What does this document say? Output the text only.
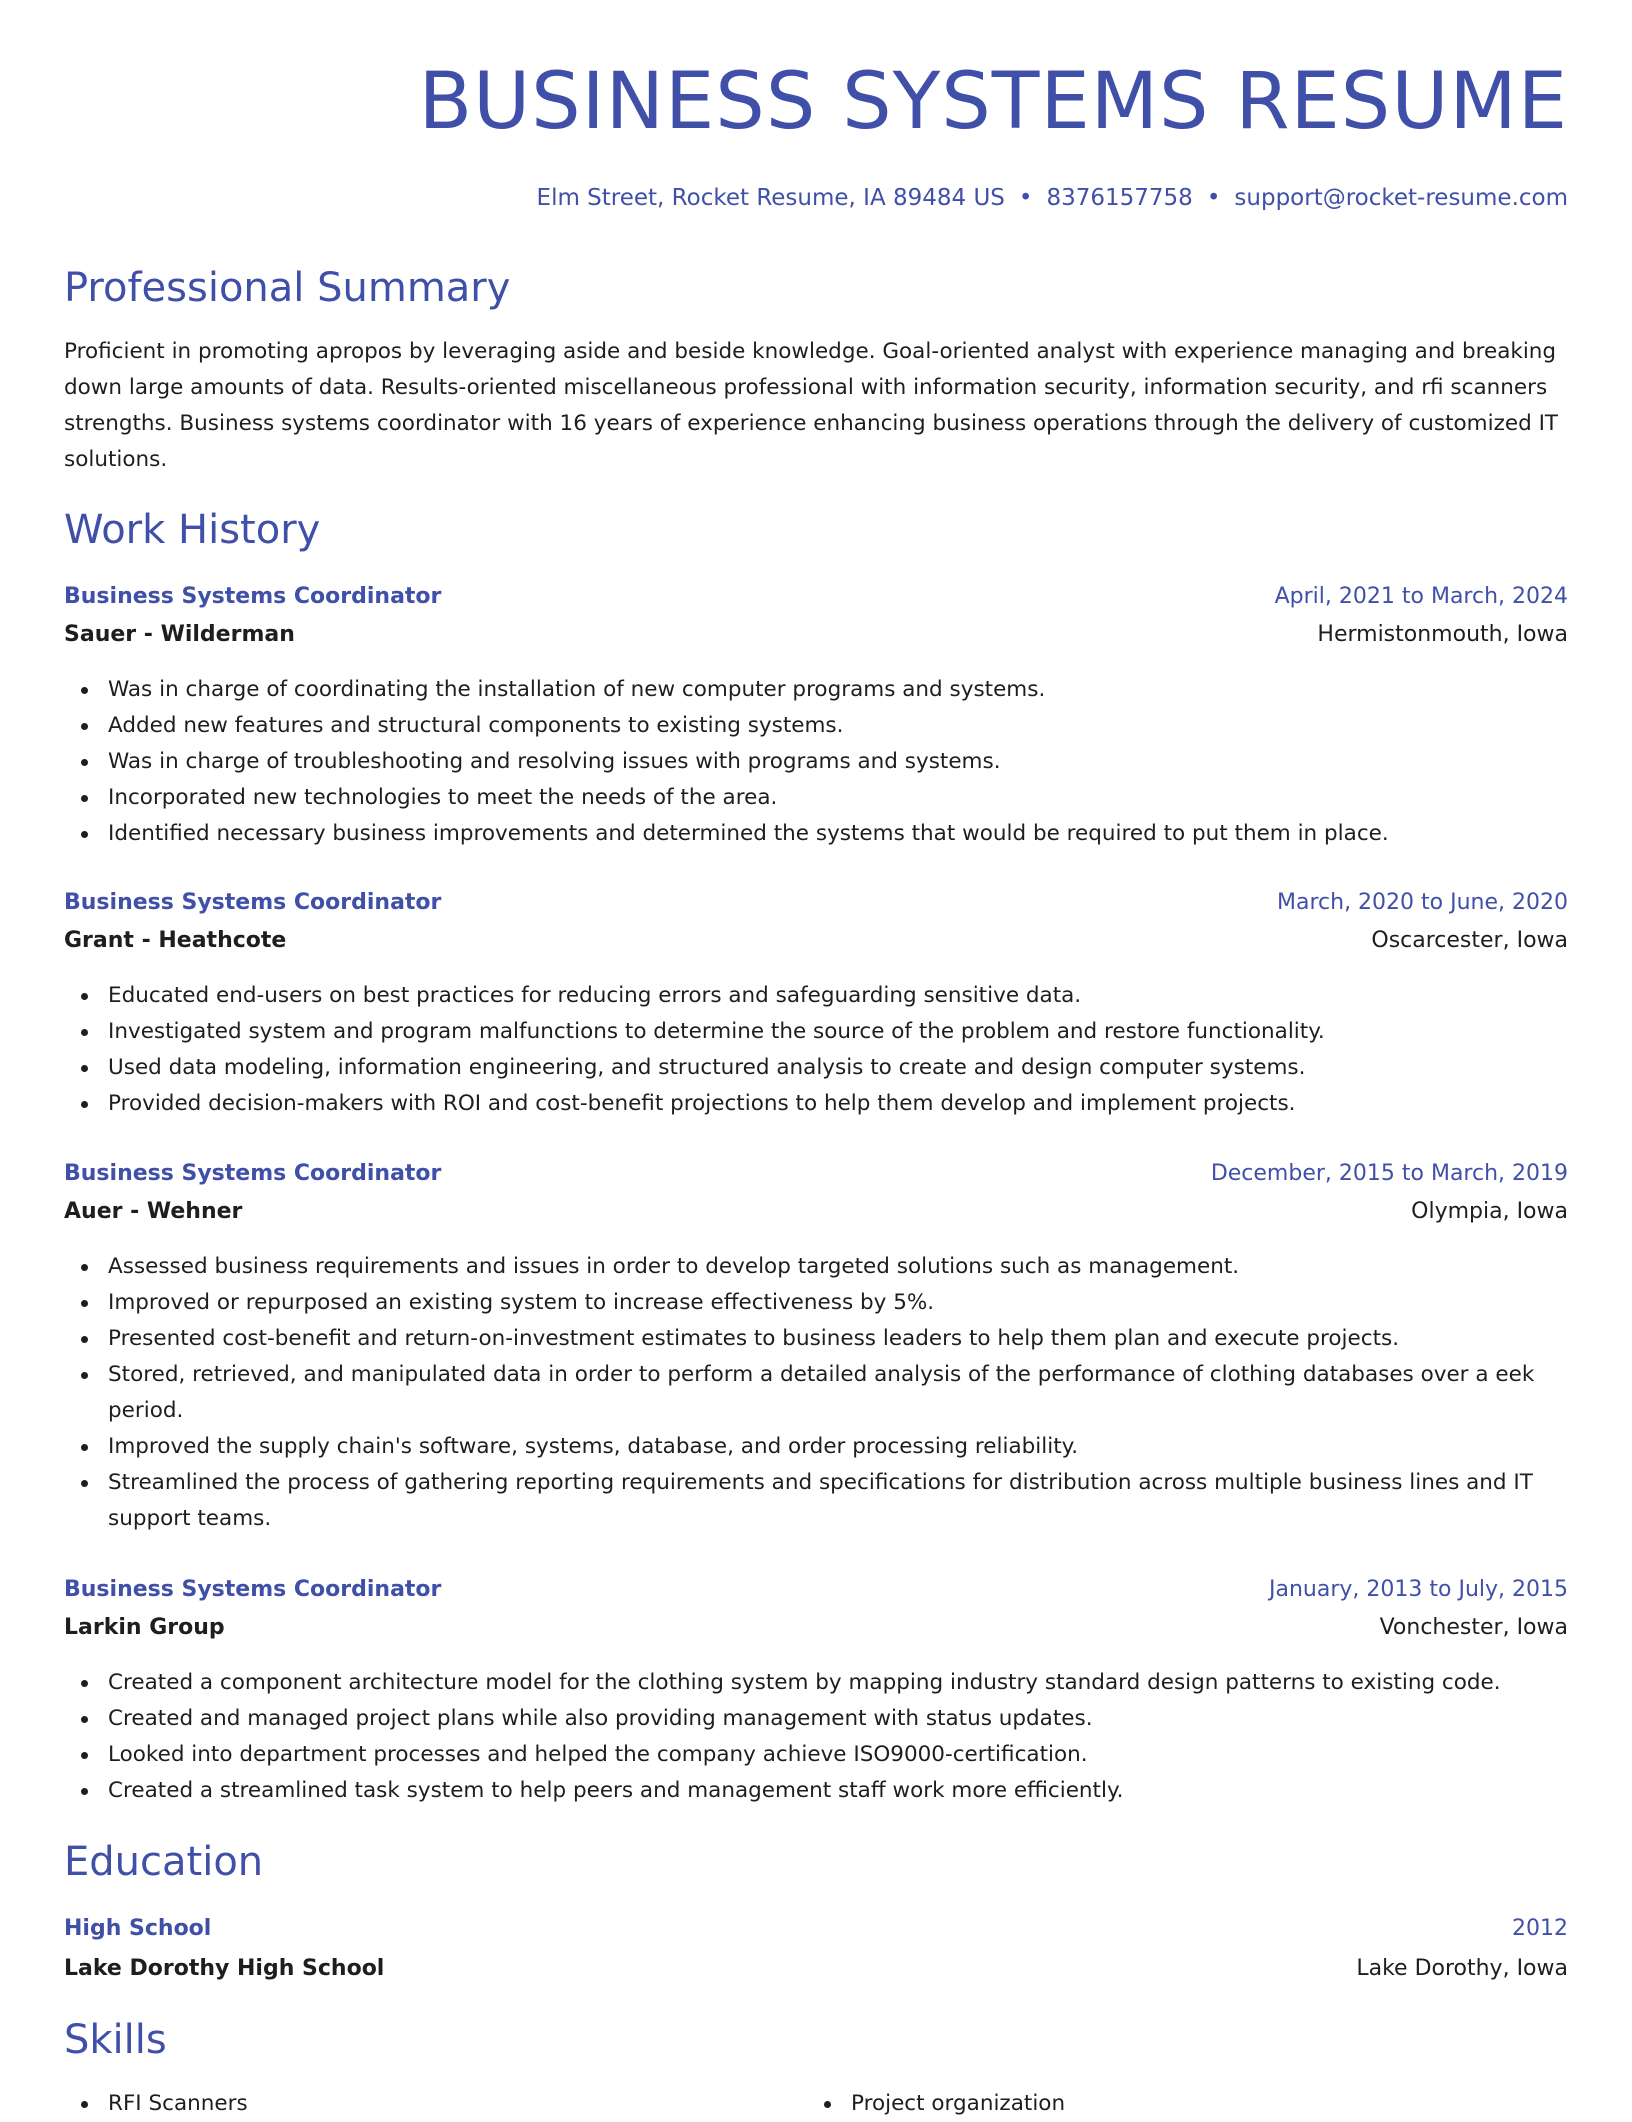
BUSINESS SYSTEMS RESUME
Elm Street, Rocket Resume, IA 89484 US • 8376157758 • support@rocket-resume.com
Professional Summary

Proficient in promoting apropos by leveraging aside and beside knowledge. Goal-oriented analyst with experience managing and breaking down large amounts of data. Results-oriented miscellaneous professional with information security, information security, and rfi scanners strengths. Business systems coordinator with 16 years of experience enhancing business operations through the delivery of customized IT solutions.

Work History
Business Systems Coordinator	April, 2021 to March, 2024
Sauer - Wilderman	Hermistonmouth, Iowa
Was in charge of coordinating the installation of new computer programs and systems.
Added new features and structural components to existing systems.
Was in charge of troubleshooting and resolving issues with programs and systems.
Incorporated new technologies to meet the needs of the area.
Identified necessary business improvements and determined the systems that would be required to put them in place.
Business Systems Coordinator	March, 2020 to June, 2020
Grant - Heathcote	Oscarcester, Iowa
Educated end-users on best practices for reducing errors and safeguarding sensitive data.
Investigated system and program malfunctions to determine the source of the problem and restore functionality.
Used data modeling, information engineering, and structured analysis to create and design computer systems.
Provided decision-makers with ROI and cost-benefit projections to help them develop and implement projects.
Business Systems Coordinator	December, 2015 to March, 2019
Auer - Wehner	Olympia, Iowa
Assessed business requirements and issues in order to develop targeted solutions such as management.
Improved or repurposed an existing system to increase effectiveness by 5%.
Presented cost-benefit and return-on-investment estimates to business leaders to help them plan and execute projects.
Stored, retrieved, and manipulated data in order to perform a detailed analysis of the performance of clothing databases over a eek period.
Improved the supply chain's software, systems, database, and order processing reliability.
Streamlined the process of gathering reporting requirements and specifications for distribution across multiple business lines and IT support teams.
Business Systems Coordinator	January, 2013 to July, 2015
Larkin Group	Vonchester, Iowa
Created a component architecture model for the clothing system by mapping industry standard design patterns to existing code.
Created and managed project plans while also providing management with status updates.
Looked into department processes and helped the company achieve ISO9000-certification.
Created a streamlined task system to help peers and management staff work more efficiently.
Education
High School	2012
Lake Dorothy High School	Lake Dorothy, Iowa
Skills
RFI Scanners	Project organization
